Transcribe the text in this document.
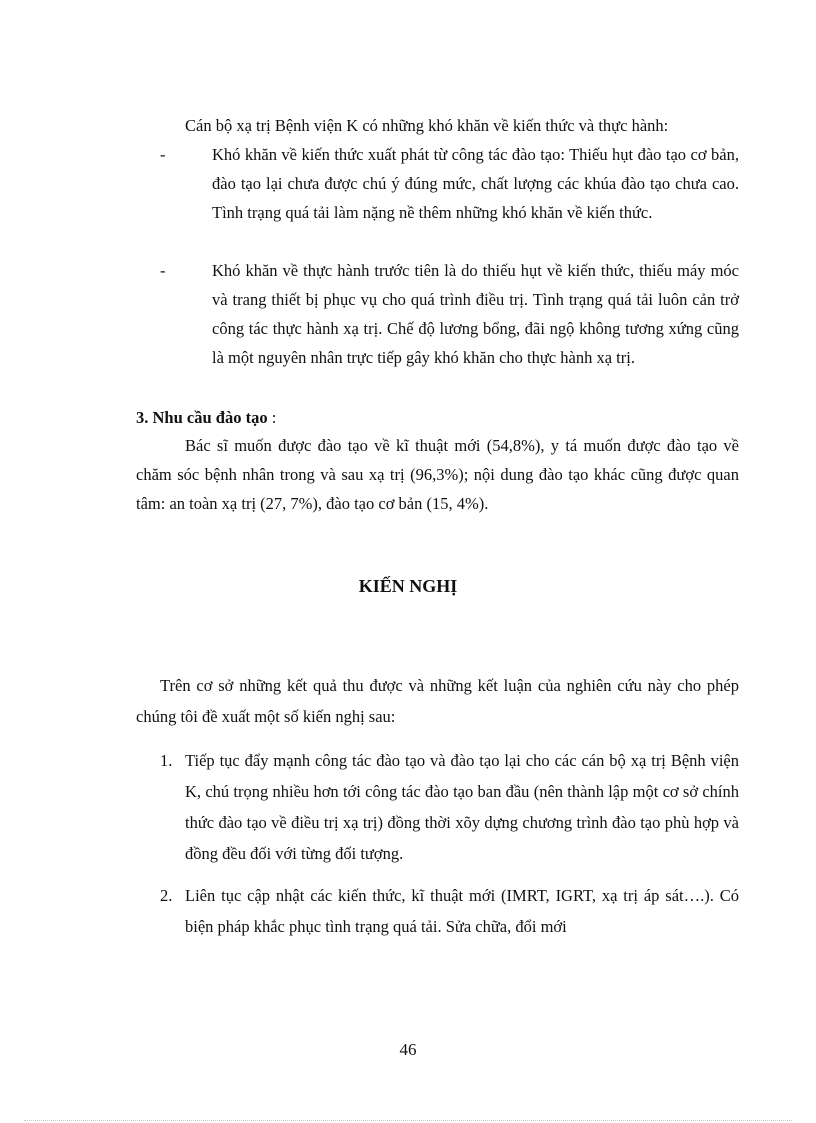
Cán bộ xạ trị Bệnh viện K có những khó khăn về kiến thức và thực hành:
-	Khó khăn về kiến thức xuất phát từ công tác đào tạo: Thiếu hụt đào tạo cơ bản, đào tạo lại chưa được chú ý đúng mức, chất lượng các khúa đào tạo chưa cao. Tình trạng quá tải làm nặng nề thêm những khó khăn về kiến thức.
-	Khó khăn về thực hành trước tiên là do thiếu hụt về kiến thức, thiếu máy móc và trang thiết bị phục vụ cho quá trình điều trị. Tình trạng quá tải luôn cản trở công tác thực hành xạ trị. Chế độ lương bổng, đãi ngộ không tương xứng cũng là một nguyên nhân trực tiếp gây khó khăn cho thực hành xạ trị.
3. Nhu cầu đào tạo :
Bác sĩ muốn được đào tạo về kĩ thuật mới (54,8%), y tá muốn được đào tạo về chăm sóc bệnh nhân trong và sau xạ trị (96,3%); nội dung đào tạo khác cũng được quan tâm: an toàn xạ trị (27, 7%), đào tạo cơ bản (15, 4%).
KIẾN NGHỊ
Trên cơ sở những kết quả thu được và những kết luận của nghiên cứu này cho phép chúng tôi đề xuất một số kiến nghị sau:
1. Tiếp tục đẩy mạnh công tác đào tạo và đào tạo lại cho các cán bộ xạ trị Bệnh viện K, chú trọng nhiều hơn tới công tác đào tạo ban đầu (nên thành lập một cơ sở chính thức đào tạo về điều trị xạ trị) đồng thời xõy dựng chương trình đào tạo phù hợp và đồng đều đối với từng đối tượng.
2. Liên tục cập nhật các kiến thức, kĩ thuật mới (IMRT, IGRT, xạ trị áp sát….). Có biện pháp khắc phục tình trạng quá tải. Sửa chữa, đổi mới
46
